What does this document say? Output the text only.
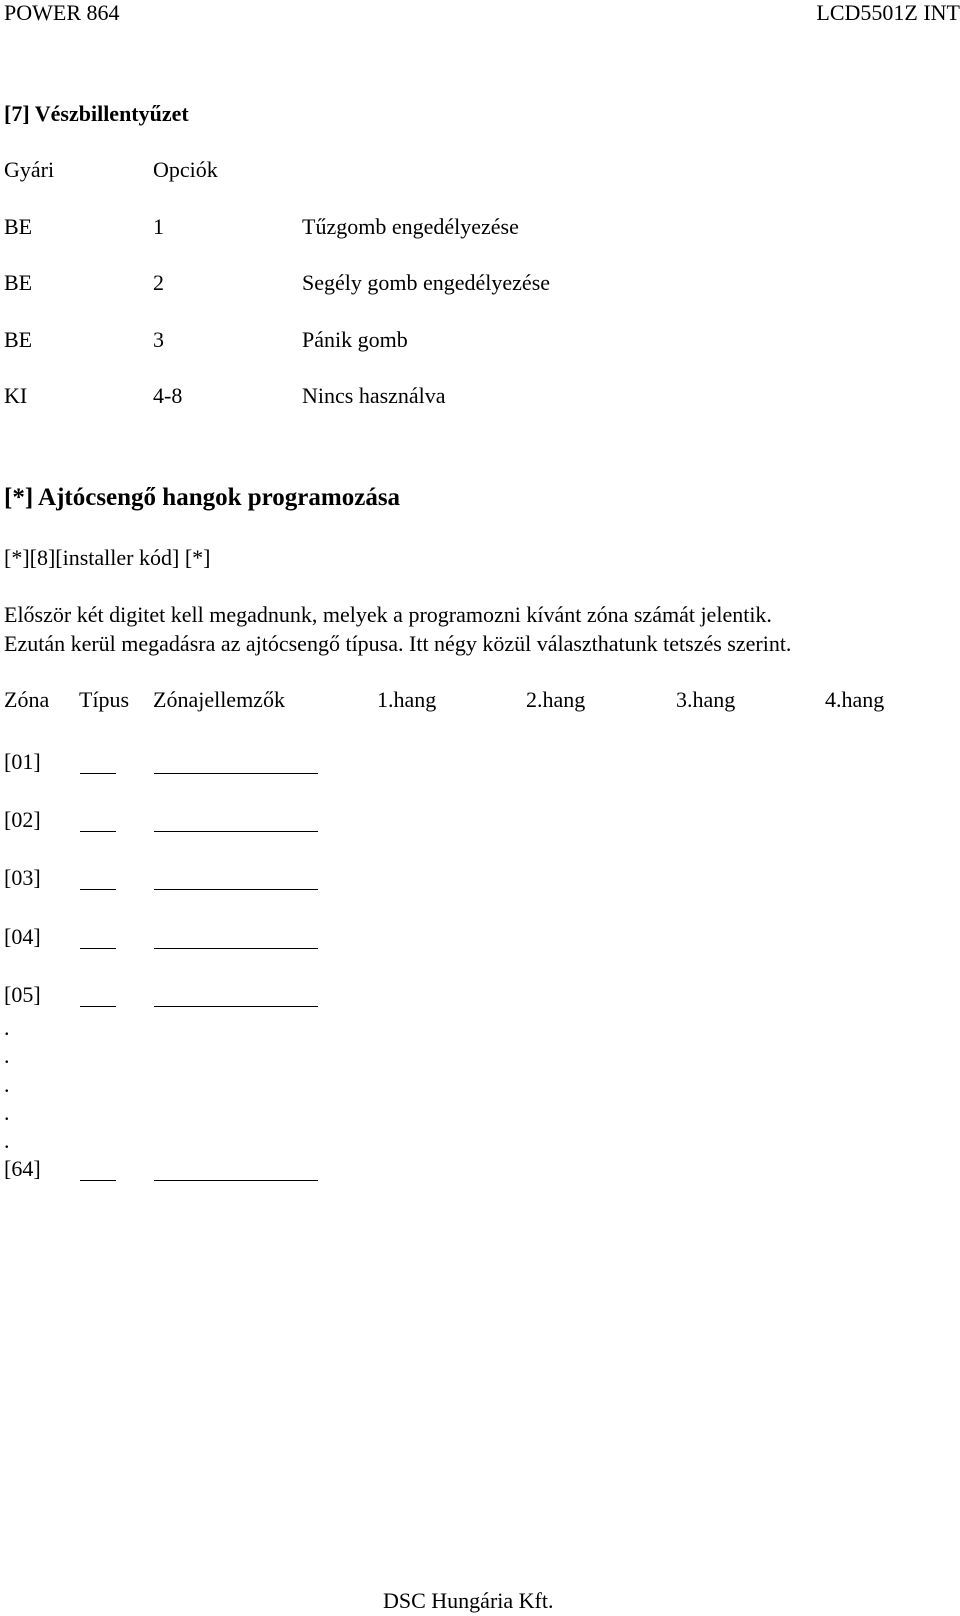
POWER 864	LCD5501Z INT
[7] Vészbillentyűzet
Gyári	Opciók
BE	1	Tűzgomb engedélyezése
BE	2	Segély gomb engedélyezése
BE	3	Pánik gomb
KI	4-8	Nincs használva
[*] Ajtócsengő hangok programozása
[*][8][installer kód] [*]
Először két digitet kell megadnunk, melyek a programozni kívánt zóna számát jelentik.
Ezután kerül megadásra az ajtócsengő típusa. Itt négy közül választhatunk tetszés szerint.
Zóna Típus Zónajellemzők	1.hang	2.hang	3.hang	4.hang
[01]
[02]
[03]
[04]
[05]
.
.
.
.
.
[64]
DSC Hungária Kft.
